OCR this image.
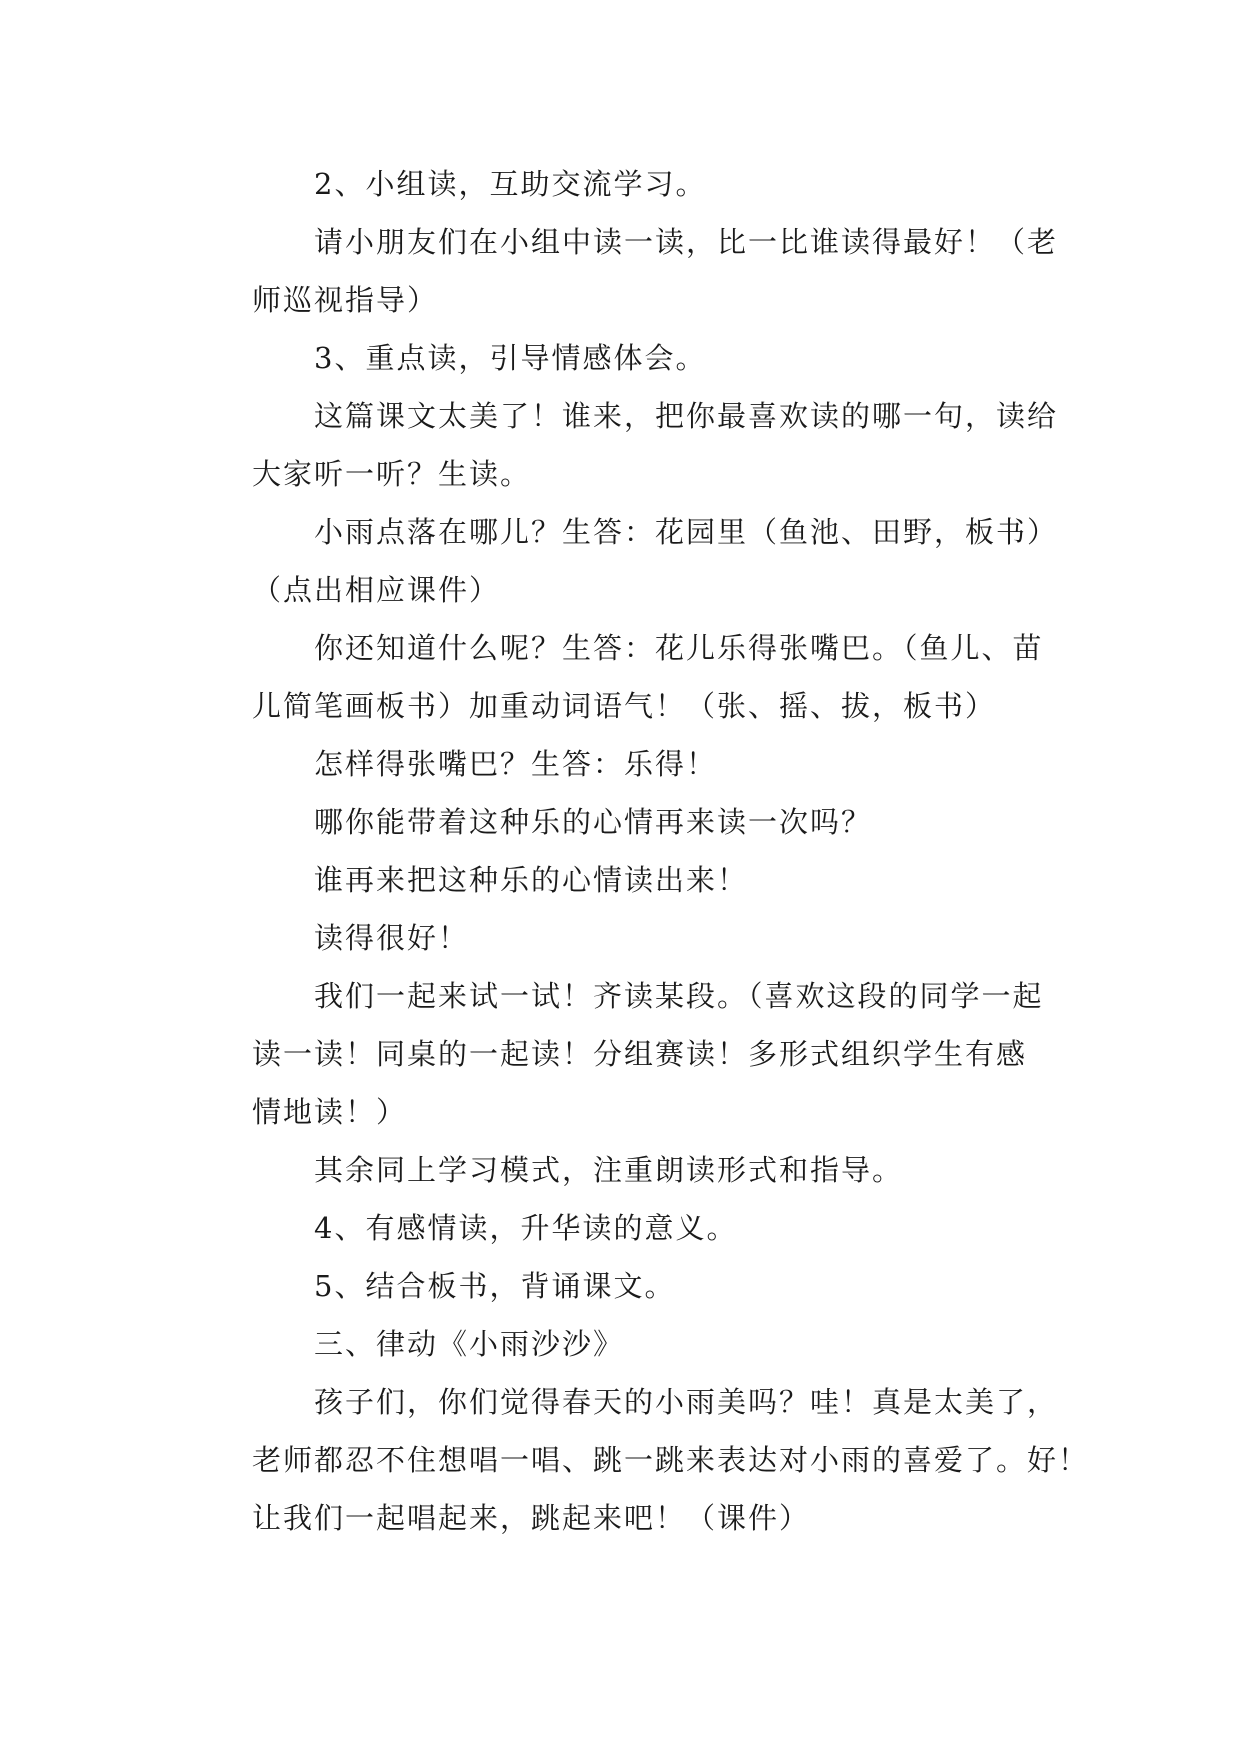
2、小组读，互助交流学习。
请小朋友们在小组中读一读，比一比谁读得最好！（老
师巡视指导）
3、重点读，引导情感体会。
这篇课文太美了！谁来，把你最喜欢读的哪一句，读给
大家听一听？生读。
小雨点落在哪儿？生答：花园里（鱼池、田野，板书）
（点出相应课件）
你还知道什么呢？生答：花儿乐得张嘴巴。（鱼儿、苗
儿简笔画板书）加重动词语气！（张、摇、拔，板书）
怎样得张嘴巴？生答：乐得！
哪你能带着这种乐的心情再来读一次吗？
谁再来把这种乐的心情读出来！
读得很好！
我们一起来试一试！齐读某段。（喜欢这段的同学一起
读一读！同桌的一起读！分组赛读！多形式组织学生有感
情地读！）
其余同上学习模式，注重朗读形式和指导。
4、有感情读，升华读的意义。
5、结合板书，背诵课文。
三、律动《小雨沙沙》
孩子们，你们觉得春天的小雨美吗？哇！真是太美了，
老师都忍不住想唱一唱、跳一跳来表达对小雨的喜爱了。好！
让我们一起唱起来，跳起来吧！（课件）
